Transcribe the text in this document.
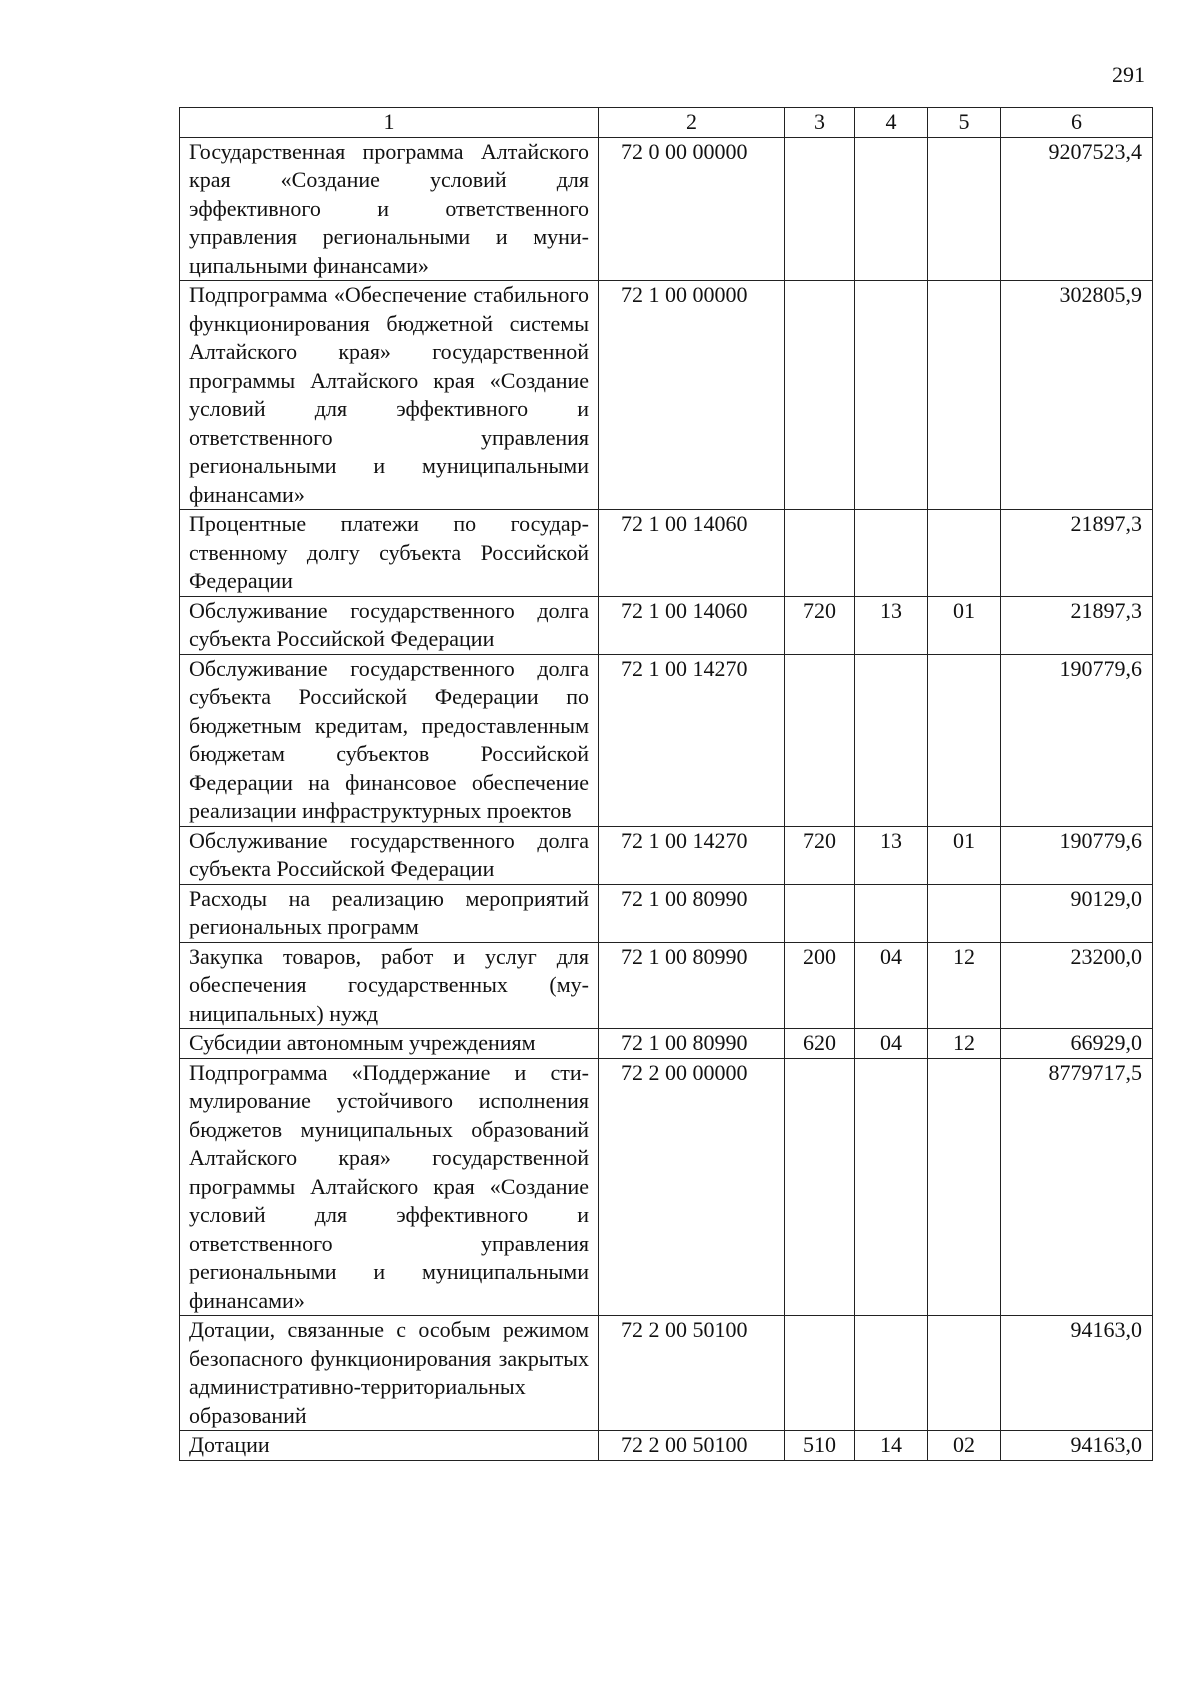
291
1	2	3	4	5	6
Государственная программа Алтайского края «Создание условий для эффективного и ответственного управления региональными и муниципальными финансами»	72 0 00 00000				9207523,4
Подпрограмма «Обеспечение стабильного функционирования бюджетной системы Алтайского края» государственной программы Алтайского края «Создание условий для эффективного и ответственного управления региональными и муниципальными финансами»	72 1 00 00000				302805,9
Процентные платежи по государственному долгу субъекта Российской Федерации	72 1 00 14060				21897,3
Обслуживание государственного долга субъекта Российской Федерации	72 1 00 14060	720	13	01	21897,3
Обслуживание государственного долга субъекта Российской Федерации по бюджетным кредитам, предоставленным бюджетам субъектов Российской Федерации на финансовое обеспечение реализации инфраструктурных проектов	72 1 00 14270				190779,6
Обслуживание государственного долга субъекта Российской Федерации	72 1 00 14270	720	13	01	190779,6
Расходы на реализацию мероприятий региональных программ	72 1 00 80990				90129,0
Закупка товаров, работ и услуг для обеспечения государственных (муниципальных) нужд	72 1 00 80990	200	04	12	23200,0
Субсидии автономным учреждениям	72 1 00 80990	620	04	12	66929,0
Подпрограмма «Поддержание и стимулирование устойчивого исполнения бюджетов муниципальных образований Алтайского края» государственной программы Алтайского края «Создание условий для эффективного и ответственного управления региональными и муниципальными финансами»	72 2 00 00000				8779717,5
Дотации, связанные с особым режимом безопасного функционирования закрытых административно-территориальных образований	72 2 00 50100				94163,0
Дотации	72 2 00 50100	510	14	02	94163,0
